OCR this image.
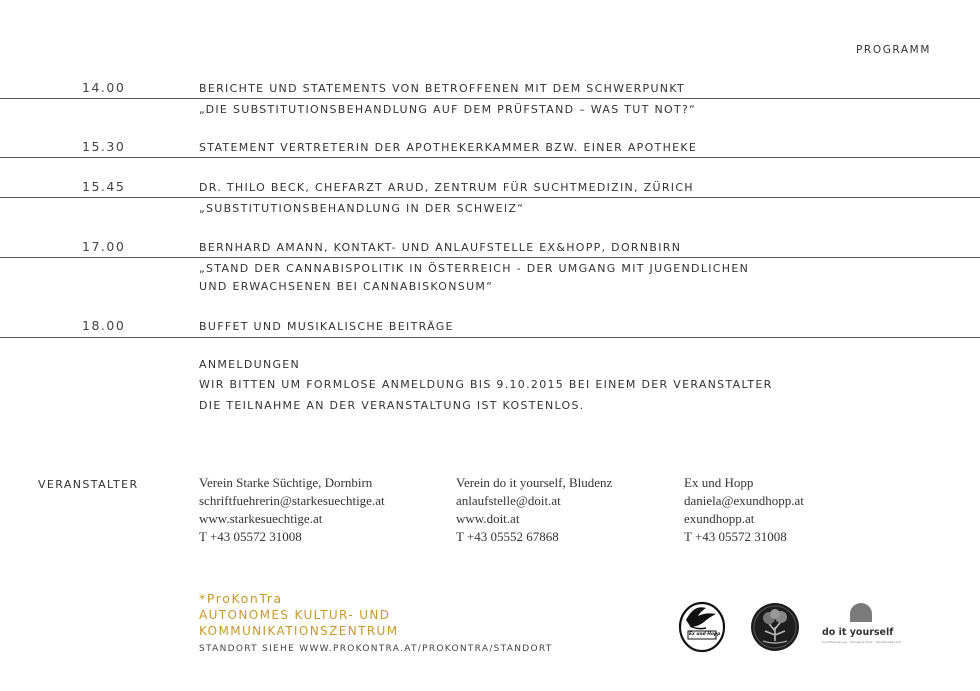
PROGRAMM
14.00	BERICHTE UND STATEMENTS VON BETROFFENEN MIT DEM SCHWERPUNKT
„DIE SUBSTITUTIONSBEHANDLUNG AUF DEM PRÜFSTAND – WAS TUT NOT?“
15.30	STATEMENT VERTRETERIN DER APOTHEKERKAMMER BZW. EINER APOTHEKE
15.45	DR. THILO BECK, CHEFARZT ARUD, ZENTRUM FÜR SUCHTMEDIZIN, ZÜRICH
„SUBSTITUTIONSBEHANDLUNG IN DER SCHWEIZ“
17.00	BERNHARD AMANN, KONTAKT- UND ANLAUFSTELLE EX&HOPP, DORNBIRN
„STAND DER CANNABISPOLITIK IN ÖSTERREICH - DER UMGANG MIT JUGENDLICHEN
UND ERWACHSENEN BEI CANNABISKONSUM“
18.00	BUFFET UND MUSIKALISCHE BEITRÄGE
ANMELDUNGEN
WIR BITTEN UM FORMLOSE ANMELDUNG BIS 9.10.2015 BEI EINEM DER VERANSTALTER
DIE TEILNAHME AN DER VERANSTALTUNG IST KOSTENLOS.
VERANSTALTER	Verein Starke Süchtige, Dornbirn
schriftfuehrerin@starkesuechtige.at
www.starkesuechtige.at
T +43 05572 31008
Verein do it yourself, Bludenz
anlaufstelle@doit.at
www.doit.at
T +43 05552 67868
Ex und Hopp
daniela@exundhopp.at
exundhopp.at
T +43 05572 31008
*ProKonTra
AUTONOMES KULTUR- UND
KOMMUNIKATIONSZENTRUM
STANDORT SIEHE WWW.PROKONTRA.AT/PROKONTRA/STANDORT
Ex und Hopp	do it yourself
Suchtberatung · Drogenarbeit · Spritzentausch
